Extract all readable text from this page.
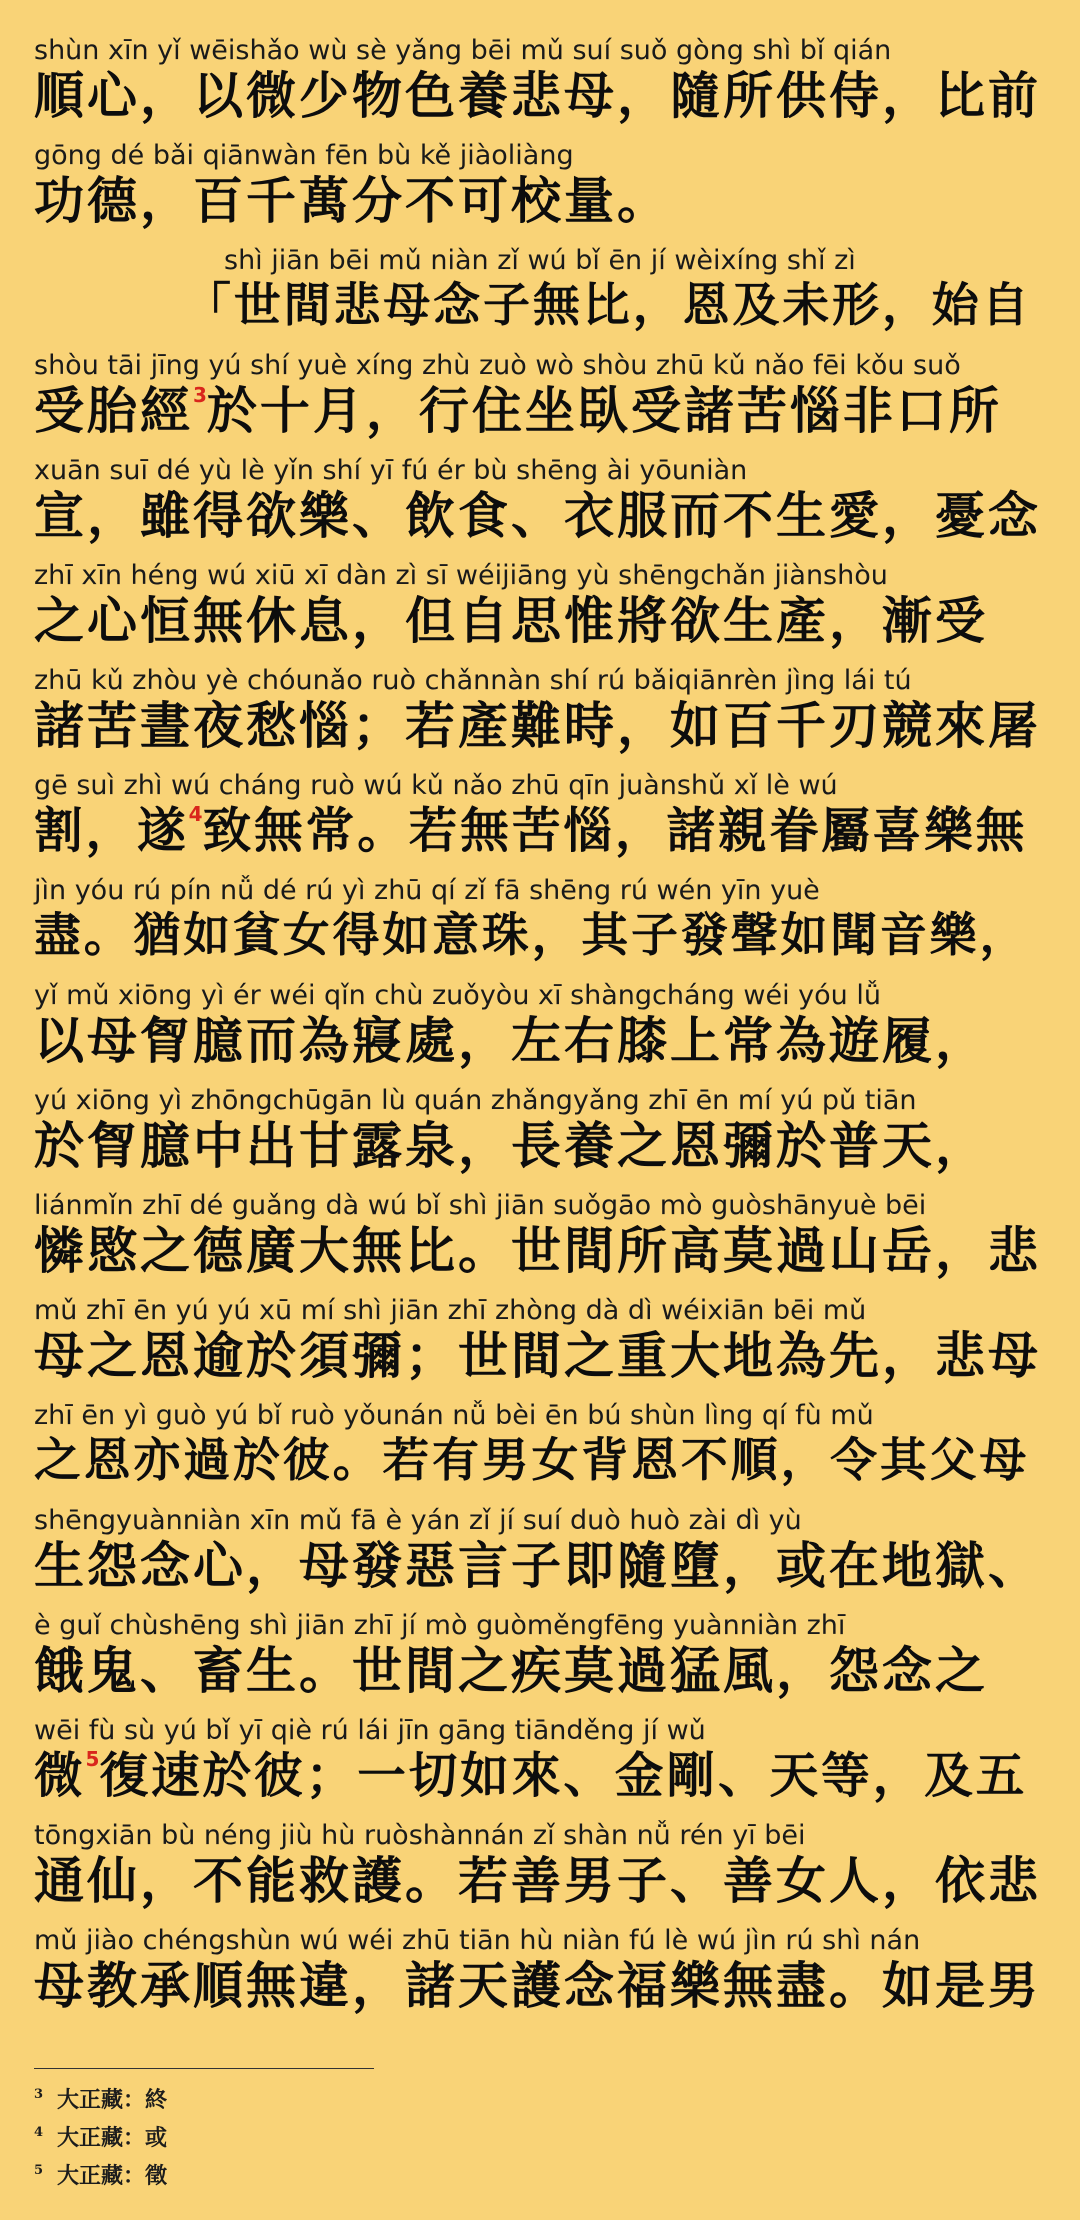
shùn xīn yǐ wēishǎo wù sè yǎng bēi mǔ suí suǒ gòng shì bǐ qián
順心，以微少物色養悲母，隨所供侍，比前
gōng dé bǎi qiānwàn fēn bù kě jiàoliàng
功德，百千萬分不可校量。
shì jiān bēi mǔ niàn zǐ wú bǐ ēn jí wèixíng shǐ zì
「世間悲母念子無比，恩及未形，始自
shòu tāi jīng yú shí yuè xíng zhù zuò wò shòu zhū kǔ nǎo fēi kǒu suǒ
受胎經$^3$於十月，行住坐臥受諸苦惱非口所
xuān suī dé yù lè yǐn shí yī fú ér bù shēng ài yōuniàn
宣，雖得欲樂、飲食、衣服而不生愛，憂念
zhī xīn héng wú xiū xī dàn zì sī wéijiāng yù shēngchǎn jiànshòu
之心恒無休息，但自思惟將欲生產，漸受
zhū kǔ zhòu yè chóunǎo ruò chǎnnàn shí rú bǎiqiānrèn jìng lái tú
諸苦晝夜愁惱；若產難時，如百千刃競來屠
gē suì zhì wú cháng ruò wú kǔ nǎo zhū qīn juànshǔ xǐ lè wú
割，遂$^4$致無常。若無苦惱，諸親眷屬喜樂無
jìn yóu rú pín nǚ dé rú yì zhū qí zǐ fā shēng rú wén yīn yuè
盡。猶如貧女得如意珠，其子發聲如聞音樂，
yǐ mǔ xiōng yì ér wéi qǐn chù zuǒyòu xī shàngcháng wéi yóu lǚ
以母胷臆而為寢處，左右膝上常為遊履，
yú xiōng yì zhōngchūgān lù quán zhǎngyǎng zhī ēn mí yú pǔ tiān
於胷臆中出甘露泉，長養之恩彌於普天，
liánmǐn zhī dé guǎng dà wú bǐ shì jiān suǒgāo mò guòshānyuè bēi
憐愍之德廣大無比。世間所高莫過山岳，悲
mǔ zhī ēn yú yú xū mí shì jiān zhī zhòng dà dì wéixiān bēi mǔ
母之恩逾於須彌；世間之重大地為先，悲母
zhī ēn yì guò yú bǐ ruò yǒunán nǚ bèi ēn bú shùn lìng qí fù mǔ
之恩亦過於彼。若有男女背恩不順，令其父母
shēngyuànniàn xīn mǔ fā è yán zǐ jí suí duò huò zài dì yù
生怨念心，母發惡言子即隨墮，或在地獄、
è guǐ chùshēng shì jiān zhī jí mò guòměngfēng yuànniàn zhī
餓鬼、畜生。世間之疾莫過猛風，怨念之
wēi fù sù yú bǐ yī qiè rú lái jīn gāng tiānděng jí wǔ
微$^5$復速於彼；一切如來、金剛、天等，及五
tōngxiān bù néng jiù hù ruòshànnán zǐ shàn nǚ rén yī bēi
通仙，不能救護。若善男子、善女人，依悲
mǔ jiào chéngshùn wú wéi zhū tiān hù niàn fú lè wú jìn rú shì nán
母教承順無違，諸天護念福樂無盡。如是男
$^3$ 大正藏：終
$^4$ 大正藏：或
$^5$ 大正藏：徵
